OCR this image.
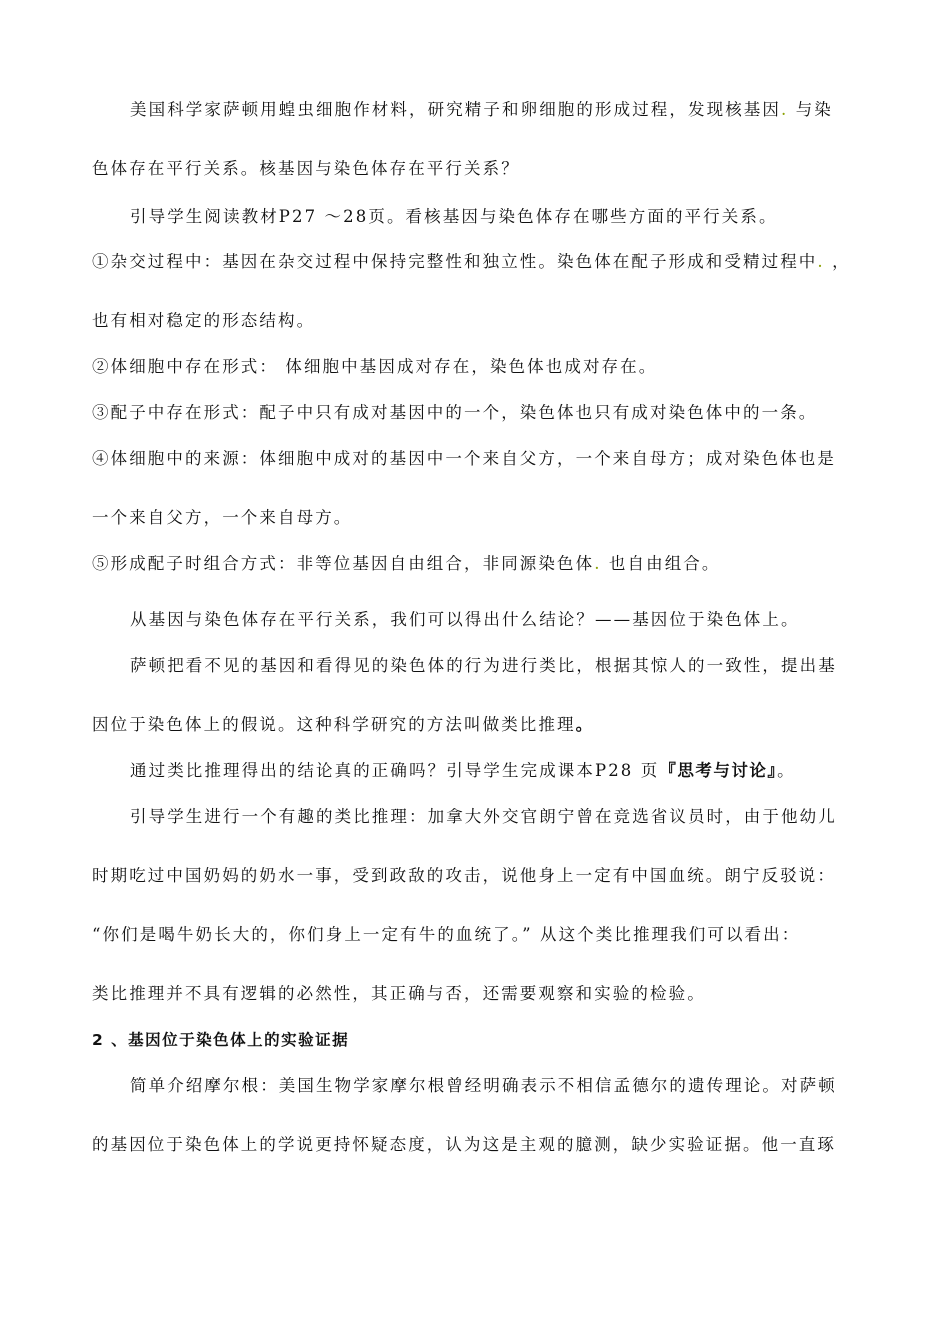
美国科学家萨顿用蝗虫细胞作材料，研究精子和卵细胞的形成过程，发现核基因. 与染
色体存在平行关系。核基因与染色体存在平行关系？
引导学生阅读教材P27 ～28页。看核基因与染色体存在哪些方面的平行关系。
①杂交过程中：基因在杂交过程中保持完整性和独立性。染色体在配子形成和受精过程中. ，
也有相对稳定的形态结构。
②体细胞中存在形式： 体细胞中基因成对存在，染色体也成对存在。
③配子中存在形式：配子中只有成对基因中的一个，染色体也只有成对染色体中的一条。
④体细胞中的来源：体细胞中成对的基因中一个来自父方，一个来自母方；成对染色体也是
一个来自父方，一个来自母方。
⑤形成配子时组合方式：非等位基因自由组合，非同源染色体. 也自由组合。
从基因与染色体存在平行关系，我们可以得出什么结论？——基因位于染色体上。
萨顿把看不见的基因和看得见的染色体的行为进行类比，根据其惊人的一致性，提出基
因位于染色体上的假说。这种科学研究的方法叫做类比推理。
通过类比推理得出的结论真的正确吗？引导学生完成课本P28 页『思考与讨论』。
引导学生进行一个有趣的类比推理：加拿大外交官朗宁曾在竞选省议员时，由于他幼儿
时期吃过中国奶妈的奶水一事，受到政敌的攻击，说他身上一定有中国血统。朗宁反驳说：
“你们是喝牛奶长大的，你们身上一定有牛的血统了。” 从这个类比推理我们可以看出：
类比推理并不具有逻辑的必然性，其正确与否，还需要观察和实验的检验。
2 、基因位于染色体上的实验证据
简单介绍摩尔根：美国生物学家摩尔根曾经明确表示不相信孟德尔的遗传理论。对萨顿
的基因位于染色体上的学说更持怀疑态度，认为这是主观的臆测，缺少实验证据。他一直琢
